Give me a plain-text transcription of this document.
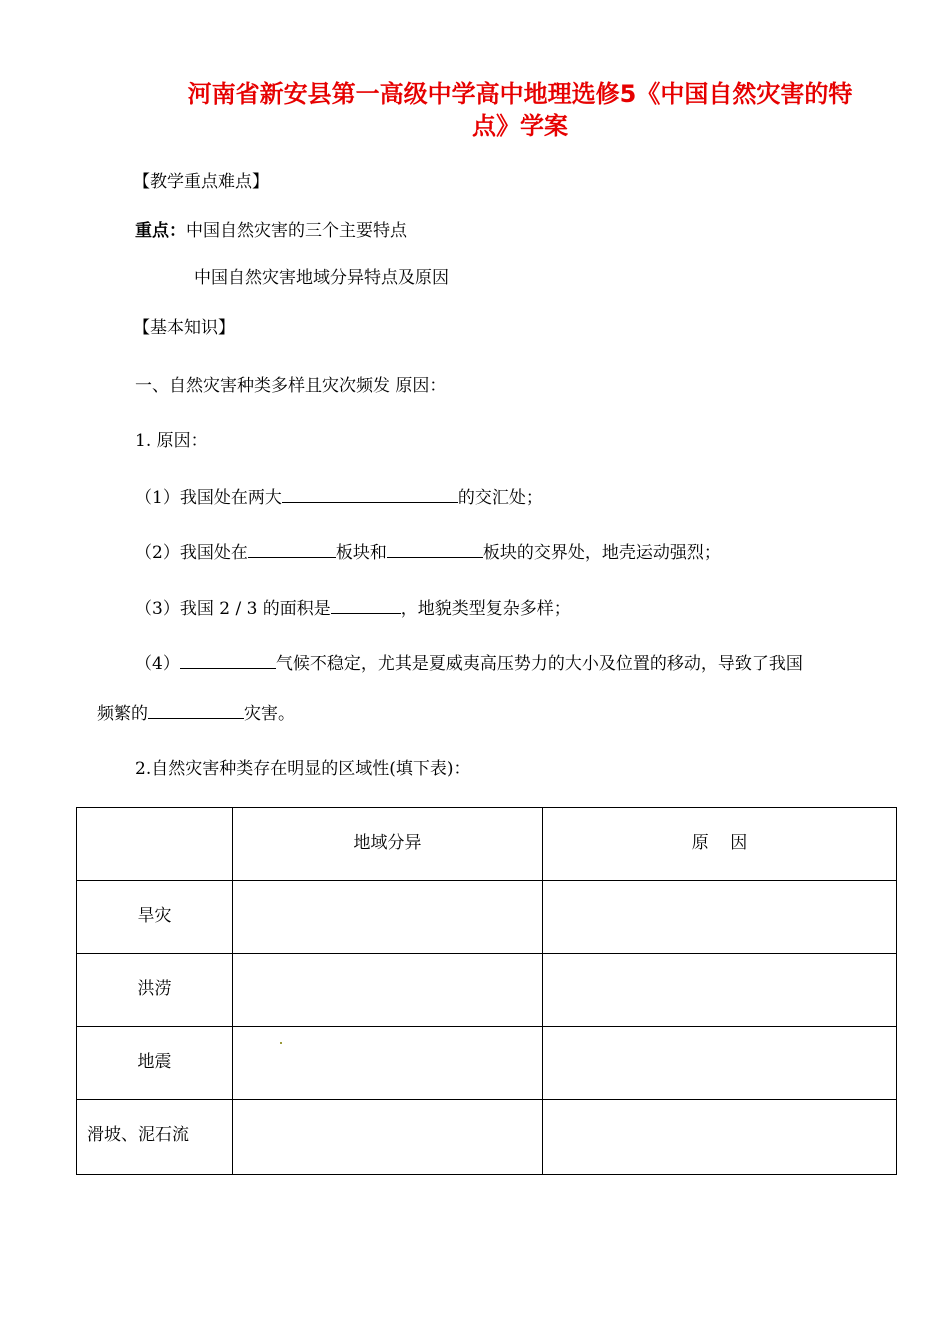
河南省新安县第一高级中学高中地理选修5《中国自然灾害的特
点》学案
【教学重点难点】
重点：中国自然灾害的三个主要特点
中国自然灾害地域分异特点及原因
【基本知识】
一、自然灾害种类多样且灾次频发 原因：
1. 原因：
（1）我国处在两大	的交汇处；
（2）我国处在	板块和	板块的交界处，地壳运动强烈；
（3）我国 2 / 3 的面积是	，地貌类型复杂多样；
（4）	气候不稳定，尤其是夏威夷高压势力的大小及位置的移动，导致了我国
频繁的	灾害。
2.自然灾害种类存在明显的区域性(填下表)：
	地域分异	原    因

旱灾		

洪涝		

地震		

滑坡、泥石流		
